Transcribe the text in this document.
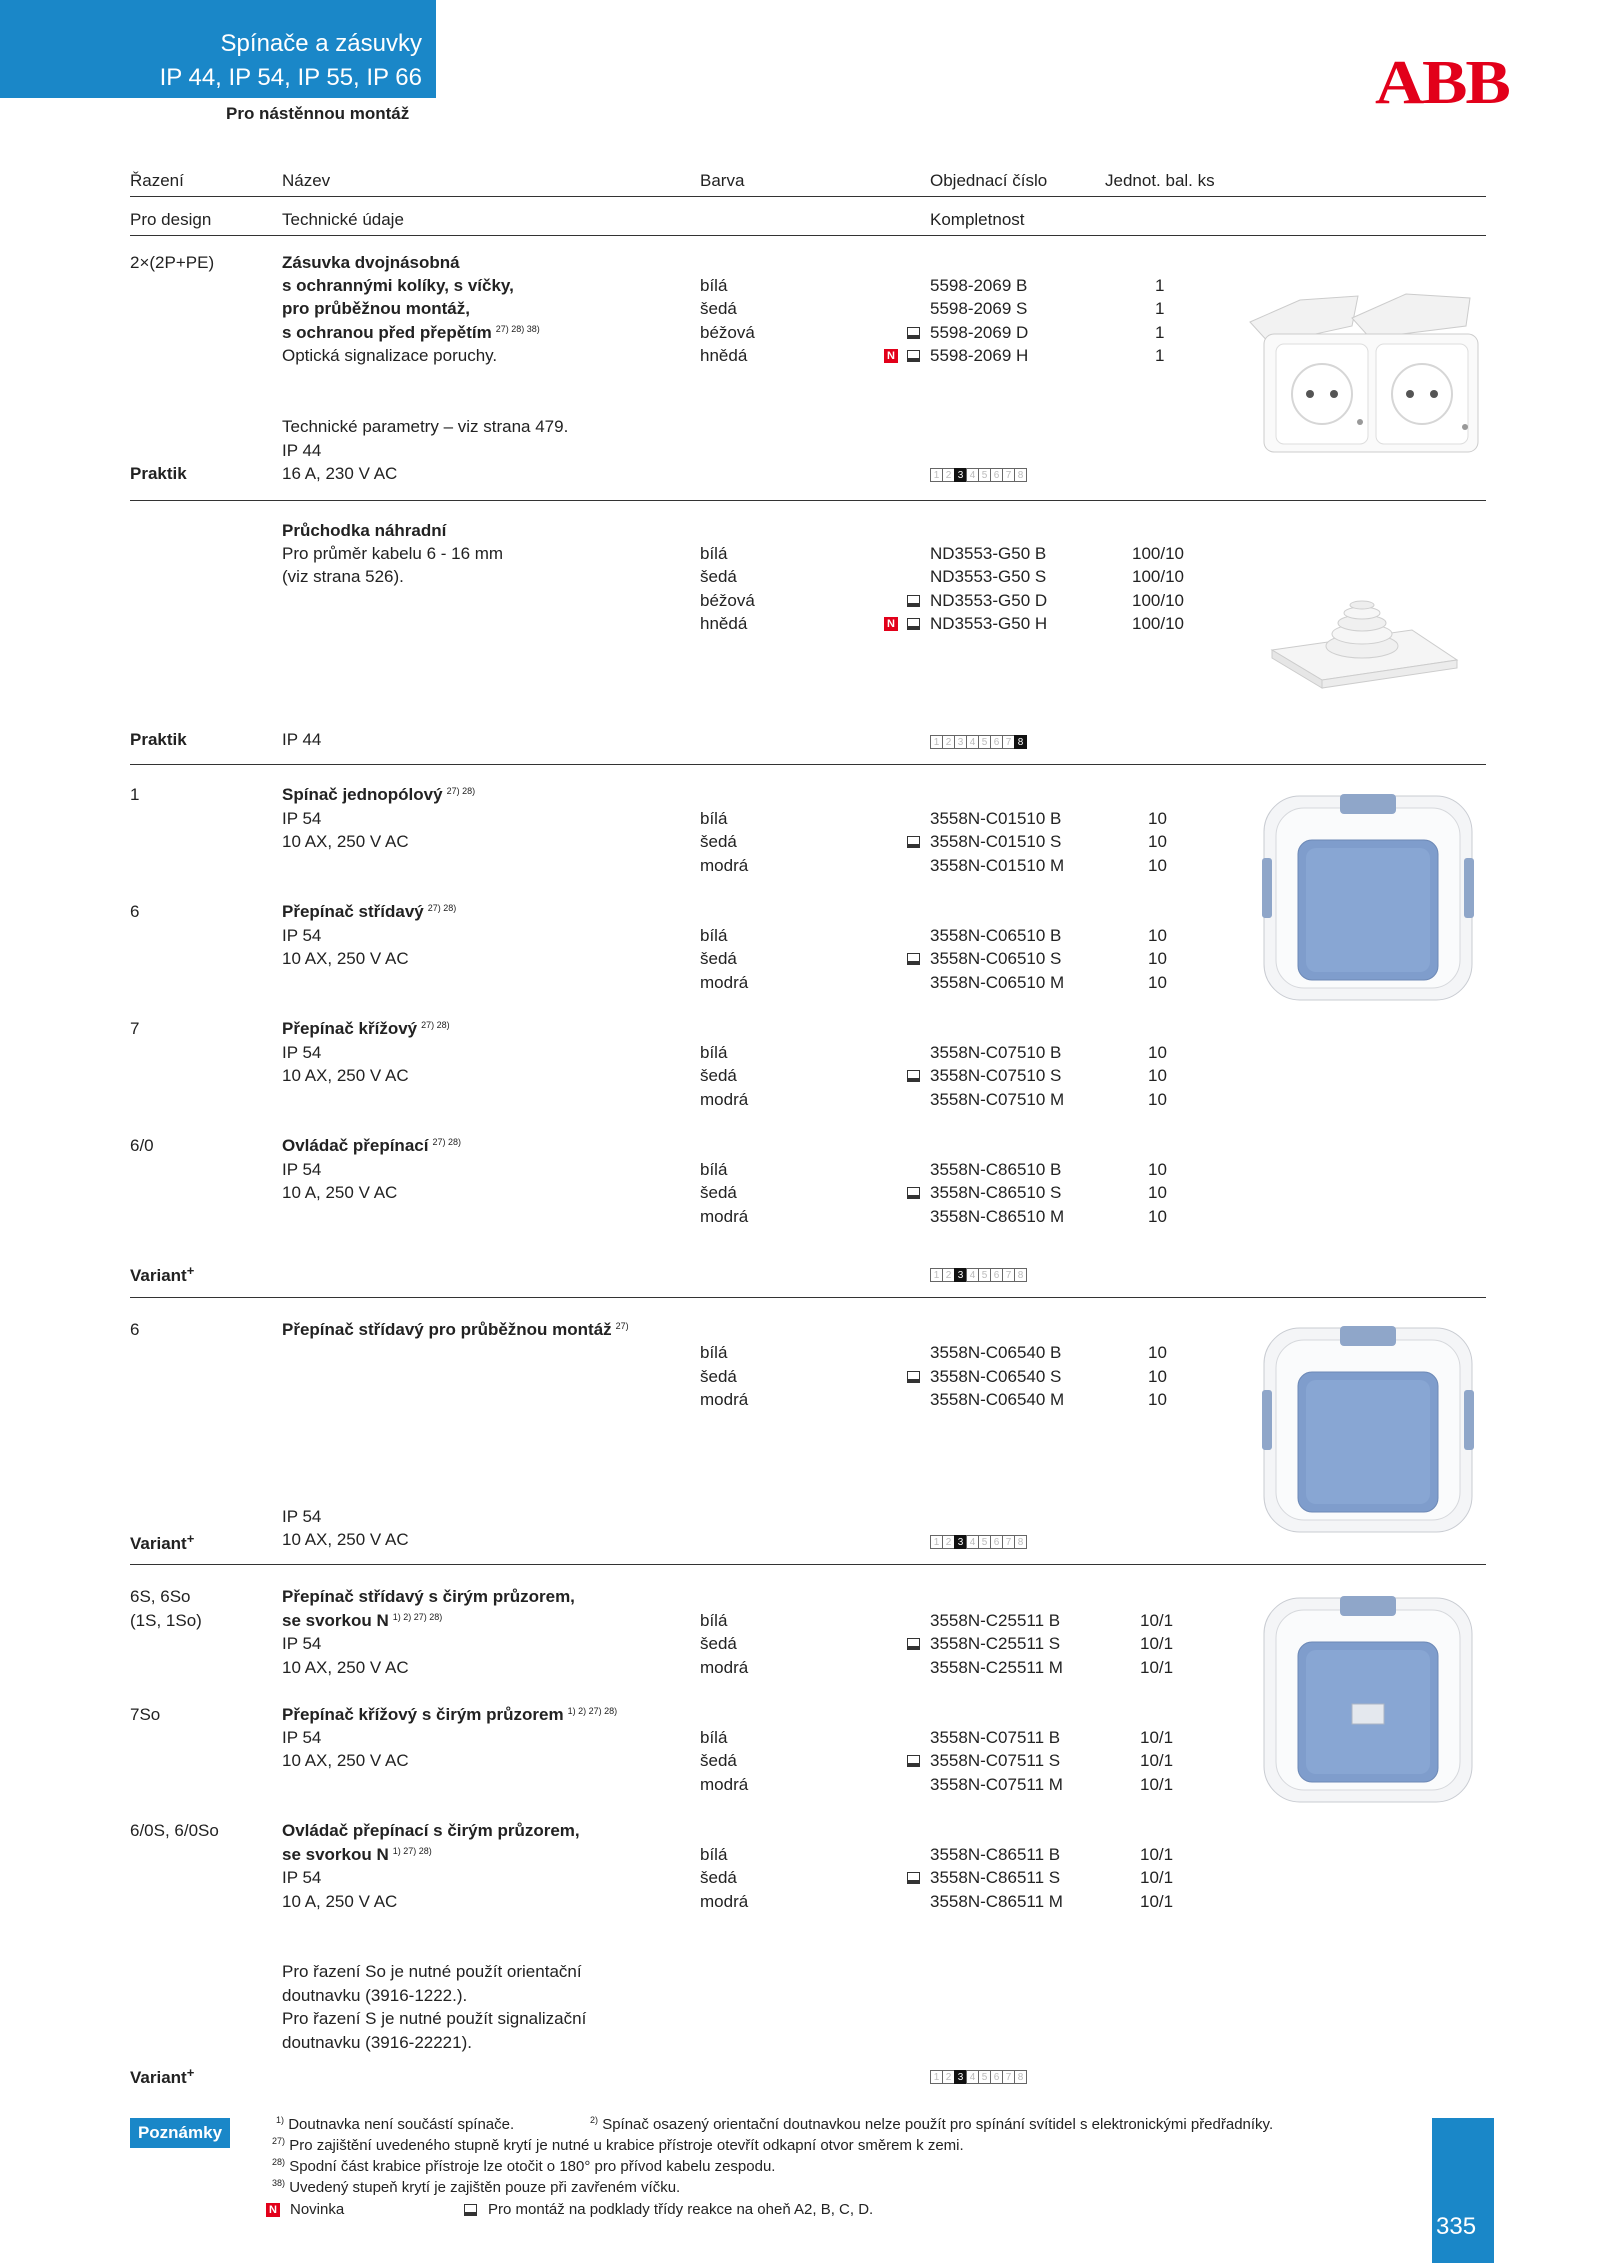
Spínače a zásuvky
IP 44, IP 54, IP 55, IP 66
Pro nástěnnou montáž	ABB
Řazení	Název	Barva	Objednací číslo	Jednot. bal. ks
Pro design	Technické údaje	Kompletnost
2×(2P+PE)	Zásuvka dvojnásobná
s ochrannými kolíky, s víčky,
pro průběžnou montáž,
s ochranou před přepětím $^{27) 28) 38)}$
Optická signalizace poruchy.
bílá	5598-2069 B	1
šedá	5598-2069 S	1
béžová	5598-2069 D	1
hnědá	N 5598-2069 H	1
Technické parametry – viz strana 479.
IP 44
Praktik	16 A, 230 V AC	1 2 3 4 5 6 7 8
Průchodka náhradní
Pro průměr kabelu 6 - 16 mm
(viz strana 526).
bílá	ND3553-G50 B	100/10
šedá	ND3553-G50 S	100/10
béžová	ND3553-G50 D	100/10
hnědá	N ND3553-G50 H	100/10
Praktik	IP 44	1 2 3 4 5 6 7 8
1	Spínač jednopólový $^{27) 28)}$
IP 54
10 AX, 250 V AC
bílá	3558N-C01510 B	10
šedá	3558N-C01510 S	10
modrá	3558N-C01510 M	10
6	Přepínač střídavý $^{27) 28)}$
IP 54
10 AX, 250 V AC
bílá	3558N-C06510 B	10
šedá	3558N-C06510 S	10
modrá	3558N-C06510 M	10
7	Přepínač křížový $^{27) 28)}$
IP 54
10 AX, 250 V AC
bílá	3558N-C07510 B	10
šedá	3558N-C07510 S	10
modrá	3558N-C07510 M	10
6/0	Ovládač přepínací $^{27) 28)}$
IP 54
10 A, 250 V AC
bílá	3558N-C86510 B	10
šedá	3558N-C86510 S	10
modrá	3558N-C86510 M	10
Variant+	1 2 3 4 5 6 7 8
6	Přepínač střídavý pro průběžnou montáž $^{27)}$
bílá	3558N-C06540 B	10
šedá	3558N-C06540 S	10
modrá	3558N-C06540 M	10
IP 54
Variant+	10 AX, 250 V AC	1 2 3 4 5 6 7 8
6S, 6So
(1S, 1So)
Přepínač střídavý s čirým průzorem,
se svorkou N $^{1) 2) 27) 28)}$
IP 54
10 AX, 250 V AC
bílá	3558N-C25511 B	10/1
šedá	3558N-C25511 S	10/1
modrá	3558N-C25511 M	10/1
7So	Přepínač křížový s čirým průzorem $^{1) 2) 27) 28)}$
IP 54
10 AX, 250 V AC
bílá	3558N-C07511 B	10/1
šedá	3558N-C07511 S	10/1
modrá	3558N-C07511 M	10/1
6/0S, 6/0So	Ovládač přepínací s čirým průzorem,
se svorkou N $^{1) 27) 28)}$
IP 54
10 A, 250 V AC
bílá	3558N-C86511 B	10/1
šedá	3558N-C86511 S	10/1
modrá	3558N-C86511 M	10/1
Pro řazení So je nutné použít orientační
doutnavku (3916-1222.).
Pro řazení S je nutné použít signalizační
doutnavku (3916-22221).
Variant+	1 2 3 4 5 6 7 8
Poznámky
$^{1)}$ Doutnavka není součástí spínače.	$^{2)}$ Spínač osazený orientační doutnavkou nelze použít pro spínání svítidel s elektronickými předřadníky.
$^{27)}$ Pro zajištění uvedeného stupně krytí je nutné u krabice přístroje otevřít odkapní otvor směrem k zemi.
$^{28)}$ Spodní část krabice přístroje lze otočit o 180° pro přívod kabelu zespodu.
$^{38)}$ Uvedený stupeň krytí je zajištěn pouze při zavřeném víčku.
N Novinka	Pro montáž na podklady třídy reakce na oheň A2, B, C, D.
335
